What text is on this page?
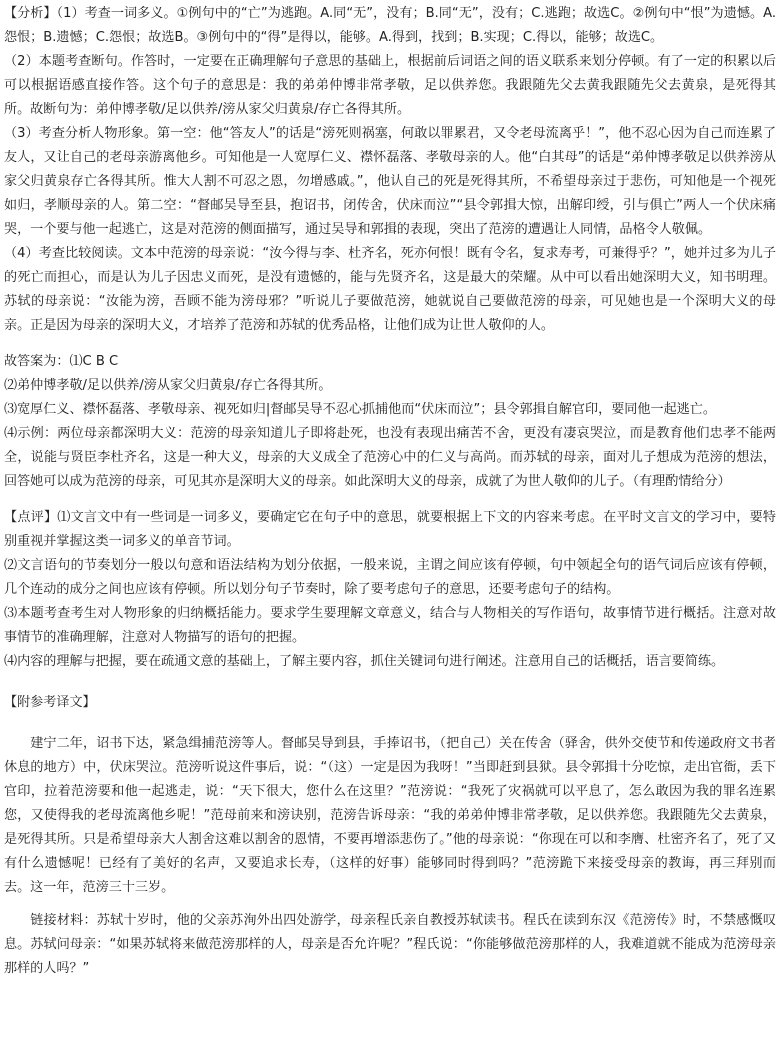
【分析】（1）考查一词多义。①例句中的“亡”为逃跑。A.同“无”，没有；B.同“无”，没有；C.逃跑；故选C。②例句中“恨”为遗憾。A.怨恨；B.遗憾；C.怨恨；故选B。③例句中的“得”是得以，能够。A.得到，找到；B.实现；C.得以，能够；故选C。

（2）本题考查断句。作答时，一定要在正确理解句子意思的基础上，根据前后词语之间的语义联系来划分停顿。有了一定的积累以后可以根据语感直接作答。这个句子的意思是：我的弟弟仲博非常孝敬，足以供养您。我跟随先父去黄我跟随先父去黄泉，是死得其所。故断句为：弟仲博孝敬/足以供养/滂从家父归黄泉/存亡各得其所。

（3）考查分析人物形象。第一空：他“答友人”的话是“滂死则祸塞，何敢以罪累君，又令老母流离乎！”，他不忍心因为自己而连累了友人，又让自己的老母亲游离他乡。可知他是一人宽厚仁义、襟怀磊落、孝敬母亲的人。他“白其母”的话是“弟仲博孝敬足以供养滂从家父归黄泉存亡各得其所。惟大人割不可忍之恩，勿增感戚。”，他认自己的死是死得其所，不希望母亲过于悲伤，可知他是一个视死如归，孝顺母亲的人。第二空：“督邮吴导至县，抱诏书，闭传舍，伏床而泣”“县令郭揖大惊，出解印绶，引与俱亡”两人一个伏床痛哭，一个要与他一起逃亡，这是对范滂的侧面描写，通过吴导和郭揖的表现，突出了范滂的遭遇让人同情，品格令人敬佩。

（4）考查比较阅读。文本中范滂的母亲说：“汝今得与李、杜齐名，死亦何恨！既有令名，复求寿考，可兼得乎？”，她并过多为儿子的死亡而担心，而是认为儿子因忠义而死，是没有遗憾的，能与先贤齐名，这是最大的荣耀。从中可以看出她深明大义，知书明理。苏轼的母亲说：“汝能为滂，吾顾不能为滂母邪？”听说儿子要做范滂，她就说自己要做范滂的母亲，可见她也是一个深明大义的母亲。正是因为母亲的深明大义，才培养了范滂和苏轼的优秀品格，让他们成为让世人敬仰的人。

故答案为：⑴C B C

⑵弟仲博孝敬/足以供养/滂从家父归黄泉/存亡各得其所。

⑶宽厚仁义、襟怀磊落、孝敬母亲、视死如归|督邮吴导不忍心抓捕他而“伏床而泣”；县令郭揖自解官印，要同他一起逃亡。

⑷示例：两位母亲都深明大义：范滂的母亲知道儿子即将赴死，也没有表现出痛苦不舍，更没有凄哀哭泣，而是教育他们忠孝不能两全，说能与贤臣李杜齐名，这是一种大义，母亲的大义成全了范滂心中的仁义与高尚。而苏轼的母亲，面对儿子想成为范滂的想法，回答她可以成为范滂的母亲，可见其亦是深明大义的母亲。如此深明大义的母亲，成就了为世人敬仰的儿子。（有理酌情给分）

【点评】⑴文言文中有一些词是一词多义，要确定它在句子中的意思，就要根据上下文的内容来考虑。在平时文言文的学习中，要特别重视并掌握这类一词多义的单音节词。

⑵文言语句的节奏划分一般以句意和语法结构为划分依据，一般来说，主谓之间应该有停顿，句中领起全句的语气词后应该有停顿，几个连动的成分之间也应该有停顿。所以划分句子节奏时，除了要考虑句子的意思，还要考虑句子的结构。

⑶本题考查考生对人物形象的归纳概括能力。要求学生要理解文章意义，结合与人物相关的写作语句，故事情节进行概括。注意对故事情节的准确理解，注意对人物描写的语句的把握。

⑷内容的理解与把握，要在疏通文意的基础上，了解主要内容，抓住关键词句进行阐述。注意用自己的话概括，语言要简练。

【附参考译文】

建宁二年，诏书下达，紧急缉捕范滂等人。督邮吴导到县，手捧诏书，（把自己）关在传舍（驿舍，供外交使节和传递政府文书者休息的地方）中，伏床哭泣。范滂听说这件事后，说：“（这）一定是因为我呀！”当即赶到县狱。县令郭揖十分吃惊，走出官衙，丢下官印，拉着范滂要和他一起逃走，说：“天下很大，您什么在这里？”范滂说：“我死了灾祸就可以平息了，怎么敢因为我的罪名连累您，又使得我的老母流离他乡呢！”范母前来和滂诀别，范滂告诉母亲：“我的弟弟仲博非常孝敬，足以供养您。我跟随先父去黄泉，是死得其所。只是希望母亲大人割舍这难以割舍的恩情，不要再增添悲伤了。”他的母亲说：“你现在可以和李膺、杜密齐名了，死了又有什么遗憾呢！已经有了美好的名声，又要追求长寿，（这样的好事）能够同时得到吗？”范滂跪下来接受母亲的教诲，再三拜别而去。这一年，范滂三十三岁。

链接材料：苏轼十岁时，他的父亲苏洵外出四处游学，母亲程氏亲自教授苏轼读书。程氏在读到东汉《范滂传》时，不禁感慨叹息。苏轼问母亲：“如果苏轼将来做范滂那样的人，母亲是否允许呢？”程氏说：“你能够做范滂那样的人，我难道就不能成为范滂母亲那样的人吗？”
